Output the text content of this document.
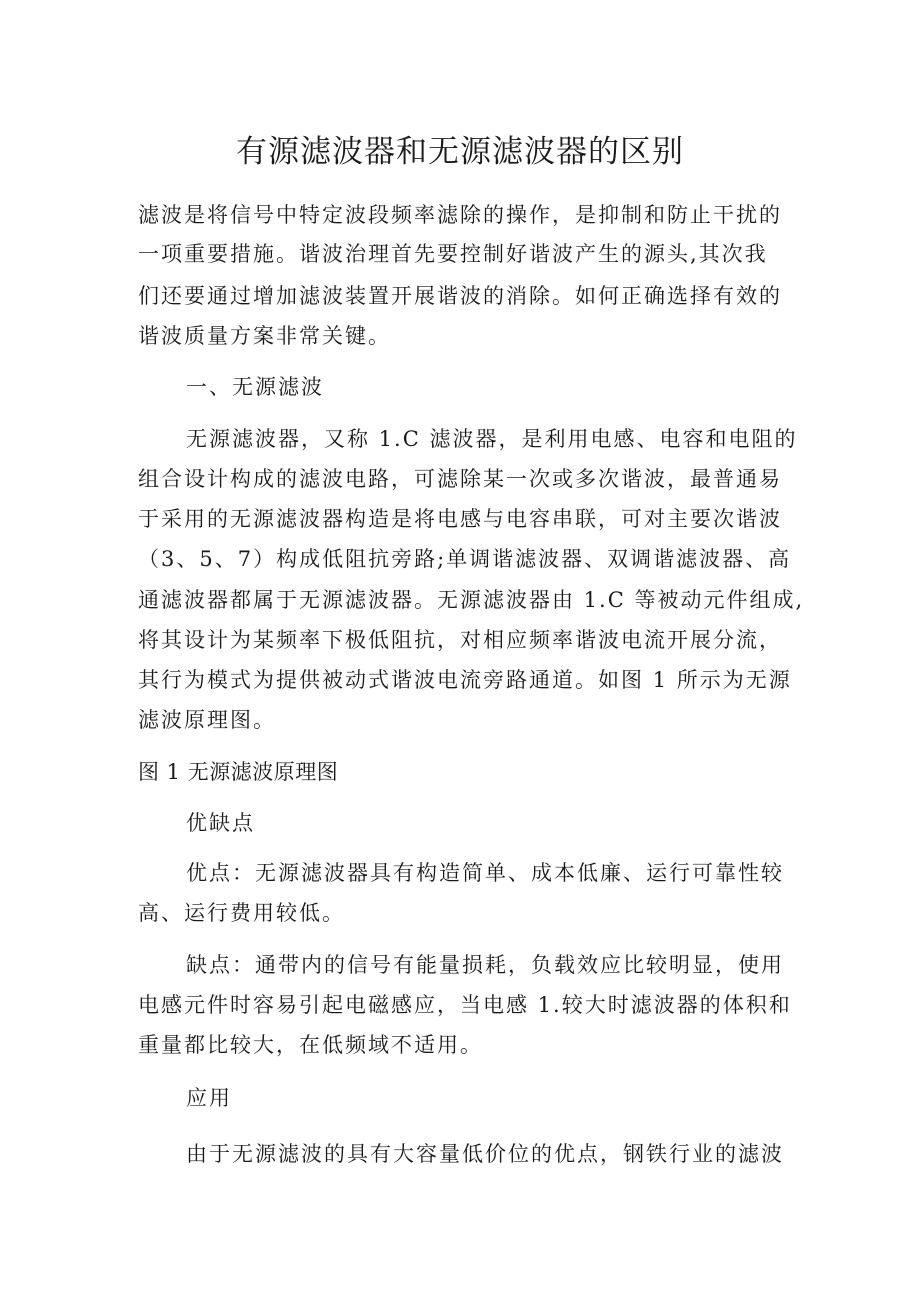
有源滤波器和无源滤波器的区别
滤波是将信号中特定波段频率滤除的操作，是抑制和防止干扰的
一项重要措施。谐波治理首先要控制好谐波产生的源头,其次我
们还要通过增加滤波装置开展谐波的消除。如何正确选择有效的
谐波质量方案非常关键。
一、无源滤波
无源滤波器，又称 1.C 滤波器，是利用电感、电容和电阻的
组合设计构成的滤波电路，可滤除某一次或多次谐波，最普通易
于采用的无源滤波器构造是将电感与电容串联，可对主要次谐波
（3、5、7）构成低阻抗旁路;单调谐滤波器、双调谐滤波器、高
通滤波器都属于无源滤波器。无源滤波器由 1.C 等被动元件组成,
将其设计为某频率下极低阻抗，对相应频率谐波电流开展分流，
其行为模式为提供被动式谐波电流旁路通道。如图 1 所示为无源
滤波原理图。
图 1 无源滤波原理图
优缺点
优点：无源滤波器具有构造简单、成本低廉、运行可靠性较
高、运行费用较低。
缺点：通带内的信号有能量损耗，负载效应比较明显，使用
电感元件时容易引起电磁感应，当电感 1.较大时滤波器的体积和
重量都比较大，在低频域不适用。
应用
由于无源滤波的具有大容量低价位的优点，钢铁行业的滤波
